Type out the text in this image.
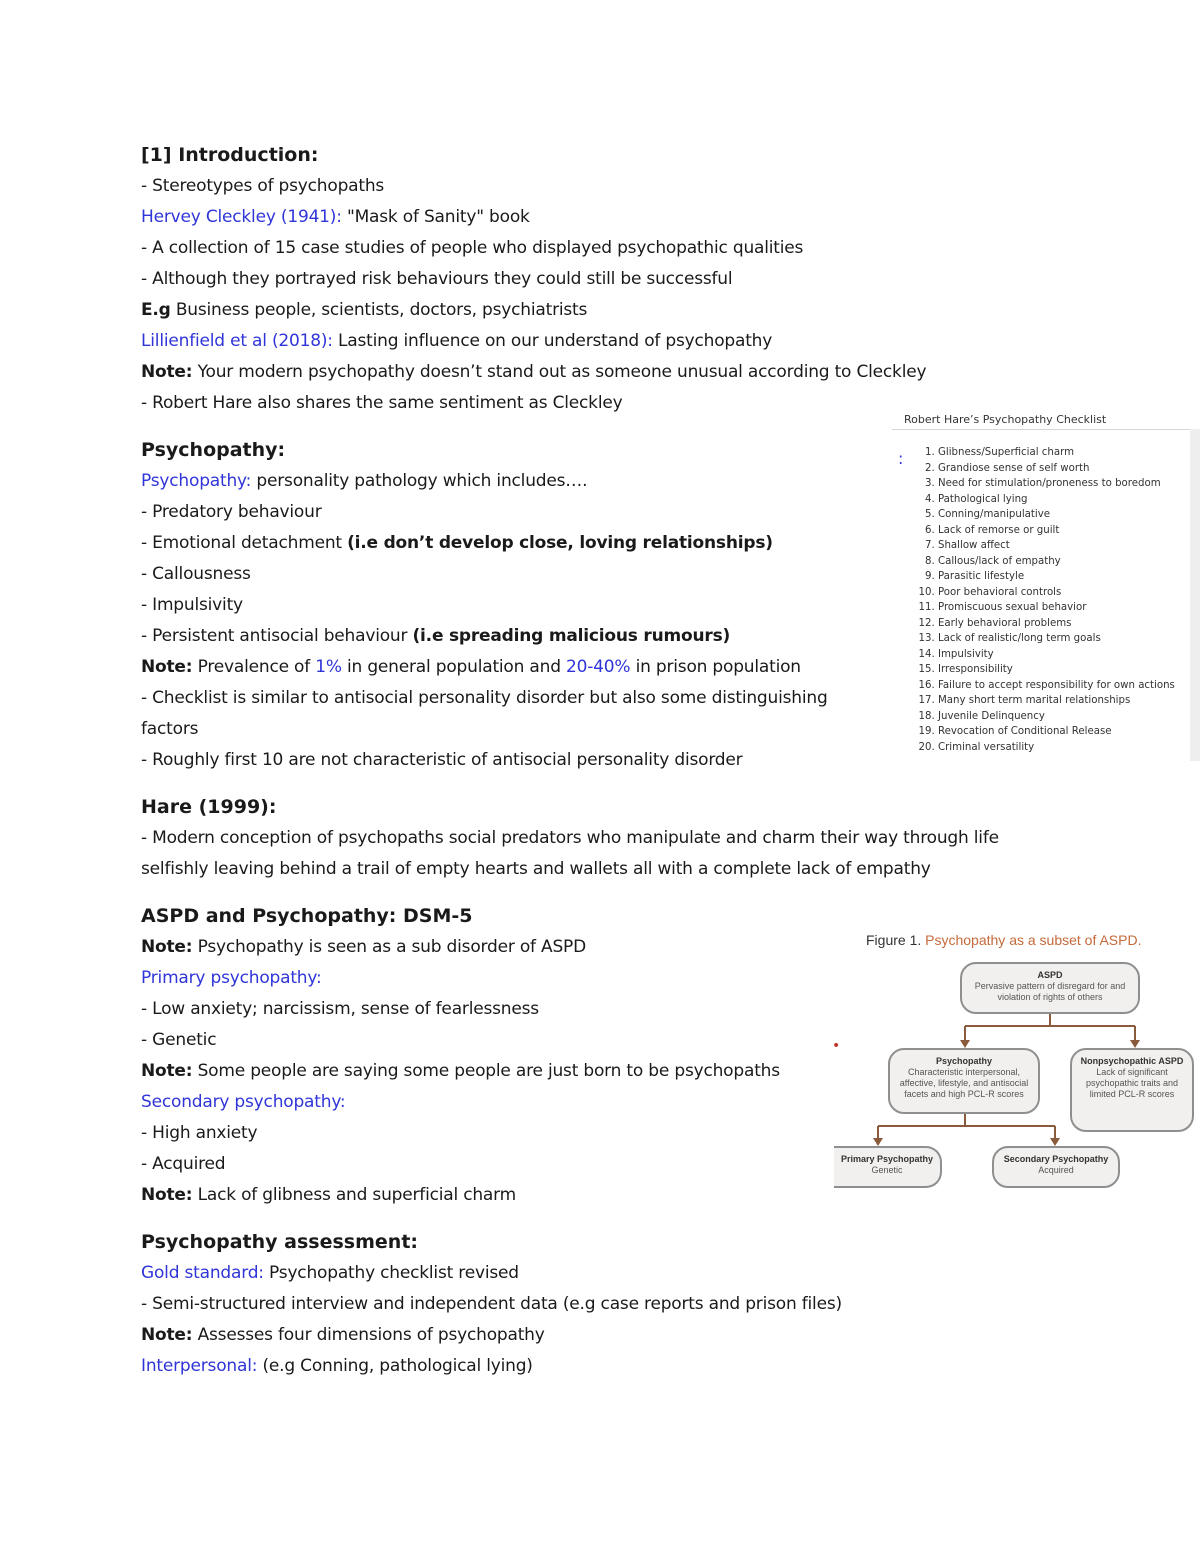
[1] Introduction:
- Stereotypes of psychopaths
Hervey Cleckley (1941): "Mask of Sanity" book
- A collection of 15 case studies of people who displayed psychopathic qualities
- Although they portrayed risk behaviours they could still be successful
E.g Business people, scientists, doctors, psychiatrists
Lillienfield et al (2018): Lasting influence on our understand of psychopathy
Note: Your modern psychopathy doesn’t stand out as someone unusual according to Cleckley
- Robert Hare also shares the same sentiment as Cleckley
Psychopathy:
Psychopathy: personality pathology which includes….
- Predatory behaviour
- Emotional detachment (i.e don’t develop close, loving relationships)
- Callousness
- Impulsivity
- Persistent antisocial behaviour (i.e spreading malicious rumours)
Note: Prevalence of 1% in general population and 20-40% in prison population
- Checklist is similar to antisocial personality disorder but also some distinguishing
factors
- Roughly first 10 are not characteristic of antisocial personality disorder
Hare (1999):
- Modern conception of psychopaths social predators who manipulate and charm their way through life
selfishly leaving behind a trail of empty hearts and wallets all with a complete lack of empathy
ASPD and Psychopathy: DSM-5
Note: Psychopathy is seen as a sub disorder of ASPD
Primary psychopathy:
- Low anxiety; narcissism, sense of fearlessness
- Genetic
Note: Some people are saying some people are just born to be psychopaths
Secondary psychopathy:
- High anxiety
- Acquired
Note: Lack of glibness and superficial charm
Psychopathy assessment:
Gold standard: Psychopathy checklist revised
- Semi-structured interview and independent data (e.g case reports and prison files)
Note: Assesses four dimensions of psychopathy
Interpersonal: (e.g Conning, pathological lying)
Robert Hare’s Psychopathy Checklist
:
1.	Glibness/Superficial charm
2. Grandiose sense of self worth
3. Need for stimulation/proneness to boredom
4. Pathological lying
5. Conning/manipulative
6. Lack of remorse or guilt
7. Shallow affect
8. Callous/lack of empathy
9. Parasitic lifestyle
10. Poor behavioral controls
11. Promiscuous sexual behavior
12. Early behavioral problems
13. Lack of realistic/long term goals
14. Impulsivity
15. Irresponsibility
16. Failure to accept responsibility for own actions
17. Many short term marital relationships
18. Juvenile Delinquency
19. Revocation of Conditional Release
20. Criminal versatility
Figure 1. Psychopathy as a subset of ASPD.
•
ASPD
Pervasive pattern of disregard for and violation of rights of others
Psychopathy
Characteristic interpersonal, affective, lifestyle, and antisocial facets and high PCL-R scores
Nonpsychopathic ASPD
Lack of significant psychopathic traits and limited PCL-R scores
Primary Psychopathy
Genetic
Secondary Psychopathy
Acquired
